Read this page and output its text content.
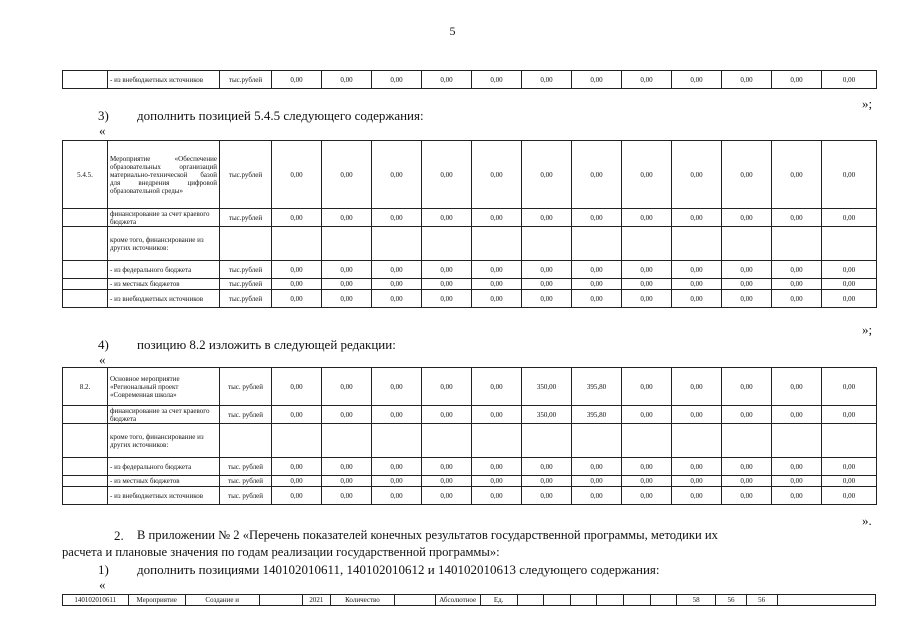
5
	- из внебюджетных источников	тыс.рублей	0,00	0,00	0,00	0,00	0,00	0,00	0,00	0,00	0,00	0,00	0,00	0,00
»;
3) дополнить позицией 5.4.5 следующего содержания:
«
5.4.5.	Мероприятие «Обеспечение образовательных организаций материально-технической базой для внедрения цифровой образовательной среды»	тыс.рублей	0,00	0,00	0,00	0,00	0,00	0,00	0,00	0,00	0,00	0,00	0,00	0,00
	финансирование за счет краевого бюджета	тыс.рублей	0,00	0,00	0,00	0,00	0,00	0,00	0,00	0,00	0,00	0,00	0,00	0,00
	кроме того, финансирование из других источников:													
	- из федерального бюджета	тыс.рублей	0,00	0,00	0,00	0,00	0,00	0,00	0,00	0,00	0,00	0,00	0,00	0,00
	- из местных бюджетов	тыс.рублей	0,00	0,00	0,00	0,00	0,00	0,00	0,00	0,00	0,00	0,00	0,00	0,00
	- из внебюджетных источников	тыс.рублей	0,00	0,00	0,00	0,00	0,00	0,00	0,00	0,00	0,00	0,00	0,00	0,00
»;
4) позицию 8.2 изложить в следующей редакции:
«
8.2.	Основное мероприятие «Региональный проект «Современная школа»	тыс. рублей	0,00	0,00	0,00	0,00	0,00	350,00	395,80	0,00	0,00	0,00	0,00	0,00
	финансирование за счет краевого бюджета	тыс. рублей	0,00	0,00	0,00	0,00	0,00	350,00	395,80	0,00	0,00	0,00	0,00	0,00
	кроме того, финансирование из других источников:													
	- из федерального бюджета	тыс. рублей	0,00	0,00	0,00	0,00	0,00	0,00	0,00	0,00	0,00	0,00	0,00	0,00
	- из местных бюджетов	тыс. рублей	0,00	0,00	0,00	0,00	0,00	0,00	0,00	0,00	0,00	0,00	0,00	0,00
	- из внебюджетных источников	тыс. рублей	0,00	0,00	0,00	0,00	0,00	0,00	0,00	0,00	0,00	0,00	0,00	0,00
».
2. В приложении № 2 «Перечень показателей конечных результатов государственной программы, методики их
расчета и плановые значения по годам реализации государственной программы»:
1) дополнить позициями 140102010611, 140102010612 и 140102010613 следующего содержания:
«
140102010611	Мероприятие	Создание и		2021	Количество		Абсолютное	Ед.							58	56	56	
